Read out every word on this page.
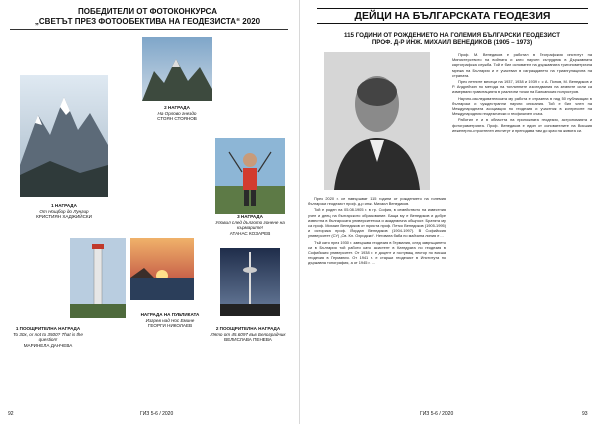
ПОБЕДИТЕЛИ ОТ ФОТОКОНКУРСА
„СВЕТЪТ ПРЕЗ ФОТООБЕКТИВА НА ГЕОДЕЗИСТА“ 2020
2 НАГРАДА
На Орлово гнездо
СТОЯН СТОЯНОВ
1 НАГРАДА
От Нощбор до Лунгир
КРИСТИЯН ХАДЖИЙСКИ	3 НАГРАДА
Уловил след дългото гонене на
кърмарите!
АТАНАС КОЗАРЕВ
1 ПООЩРИТЕЛНА НАГРАДА
To 30x, or not to 3500? That is the
question!
МАРИНЕЛА ДАНЧЕВА
НАГРАДА НА ПУБЛИКАТА
Изгрев над Нос Емине
ГЕОРГИ НИКОЛАЕВ
2 ПООЩРИТЕЛНА НАГРАДА
Лято от 45.6097 във Белоградчик
ВЕЛИСЛАВА ПЕНЕВА
92	ГИЗ 5-6 / 2020
ДЕЙЦИ НА БЪЛГАРСКАТА ГЕОДЕЗИЯ
115 ГОДИНИ ОТ РОЖДЕНИЕТО НА ГОЛЕМИЯ БЪЛГАРСКИ ГЕОДЕЗИСТ
ПРОФ. Д-Р ИНЖ. МИХАИЛ ВЕНЕДИКОВ (1905 – 1973)

През 2020 г. се навършват 115 години от рождението на големия български геодезист проф. д-р инж. Михаил Венедиков.

Той е роден на 05.08.1905 г. в гр. София, в семейството на известния учен и деец на българското образование. Баща му е Венедиков и добре известна в българската университетска и академична общност. Братята му са проф. Михаил Венедиков от юриста проф. Петко Венедиков (1905-1995) и историка проф. Йордан Венедиков (1904-1997). В Софийския университет (СУ) „Св. Кл. Охридски“. Неговата баба по майчина линия е ...

Тъй като през 1930 г. завършва геодезия в Германия, след завръщането си в България той работи като асистент в Катедрата по геодезия в Софийския университет. От 1938 г. е доцент и гостуващ лектор по висша геодезия в Германия. От 1941 г. е старши геодезист в Института по държавна топография, а от 1945 г. ...

Проф. М. Венедиков е работил в Географския институт на Министерството на войната и като научен сътрудник в Държавната картографска служба. Той е бил основател на държавната тригонометрична мрежа на България и е участвал в изграждането на триангулацията на страната.

През летните месеци на 1937, 1938 и 1939 г. с А. Попов, М. Венедиков и Р. Андрейчин по метода на топлинните изследвания на земните сили са измервали гравитацията в различни точки на Балканския полуостров.

Научно-изследователската му работа е отразена в над 50 публикации в български и чуждестранни научни списания. Той е бил член на Международната асоциация по геодезия и участник в конгресите на Международния геодезически и геофизичен съюз.

Работил е и в областта на приложната геодезия, астрономията и фотограметрията. Проф. Венедиков е един от основателите на Висшия инженерно-строителен институт и преподава там до края на живота си.

ГИЗ 5-6 / 2020	93
